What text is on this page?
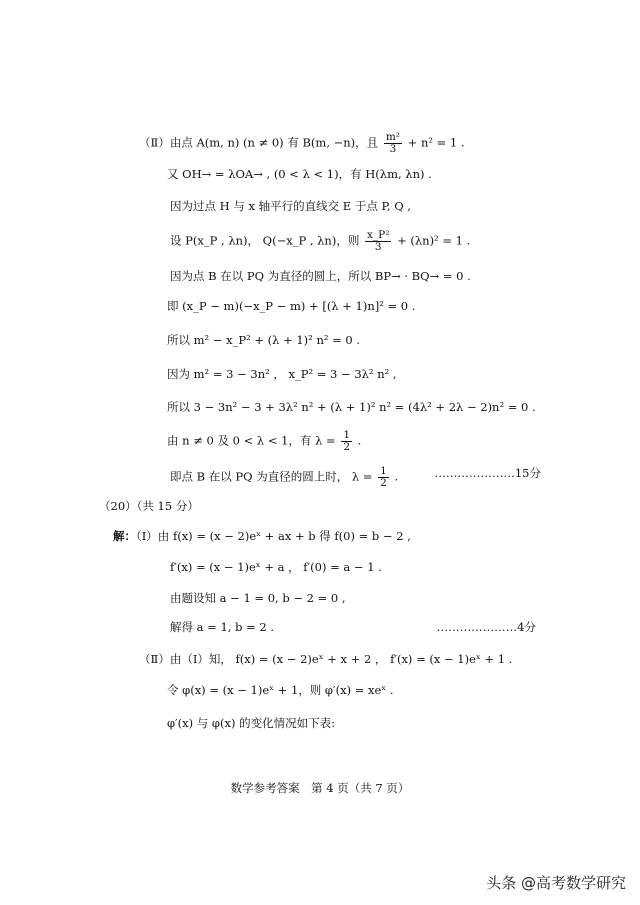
（Ⅱ）由点 A(m, n) (n ≠ 0) 有 B(m, −n)，且 $\frac{\text{m²}}{3} + n^2 = 1$ .
又 OH→ = λOA→ , (0 < λ < 1)，有 H(λm, λn) .
因为过点 H 与 x 轴平行的直线交 E 于点 P, Q ,
设 P(x_P , λn)， Q(−x_P , λn)，则 $\frac{\text{x\_P²}}{3} + (\lambda n)^2 = 1$ .
因为点 B 在以 PQ 为直径的圆上，所以 BP→ · BQ→ = 0 .
即 (x_P − m)(−x_P − m) + [(λ + 1)n]² = 0 .
所以 m² − x_P² + (λ + 1)² n² = 0 .
因为 m² = 3 − 3n² ， x_P² = 3 − 3λ² n² ,
所以 3 − 3n² − 3 + 3λ² n² + (λ + 1)² n² = (4λ² + 2λ − 2)n² = 0 .
由 n ≠ 0 及 0 < λ < 1，有 $\lambda = \frac{1}{2}$ .
即点 B 在以 PQ 为直径的圆上时， $\lambda = \frac{1}{2}$ .	…………………15分
（20）（共 15 分）
解：（Ⅰ）由 f(x) = (x − 2)eˣ + ax + b 得 f(0) = b − 2 ,
f′(x) = (x − 1)eˣ + a ， f′(0) = a − 1 .
由题设知 a − 1 = 0, b − 2 = 0 ,
解得 a = 1, b = 2 .	…………………4分
（Ⅱ）由（Ⅰ）知， f(x) = (x − 2)eˣ + x + 2 ， f′(x) = (x − 1)eˣ + 1 .
令 φ(x) = (x − 1)eˣ + 1，则 φ′(x) = xeˣ .
φ′(x) 与 φ(x) 的变化情况如下表:
数学参考答案　第 4 页（共 7 页）
头条 @高考数学研究
